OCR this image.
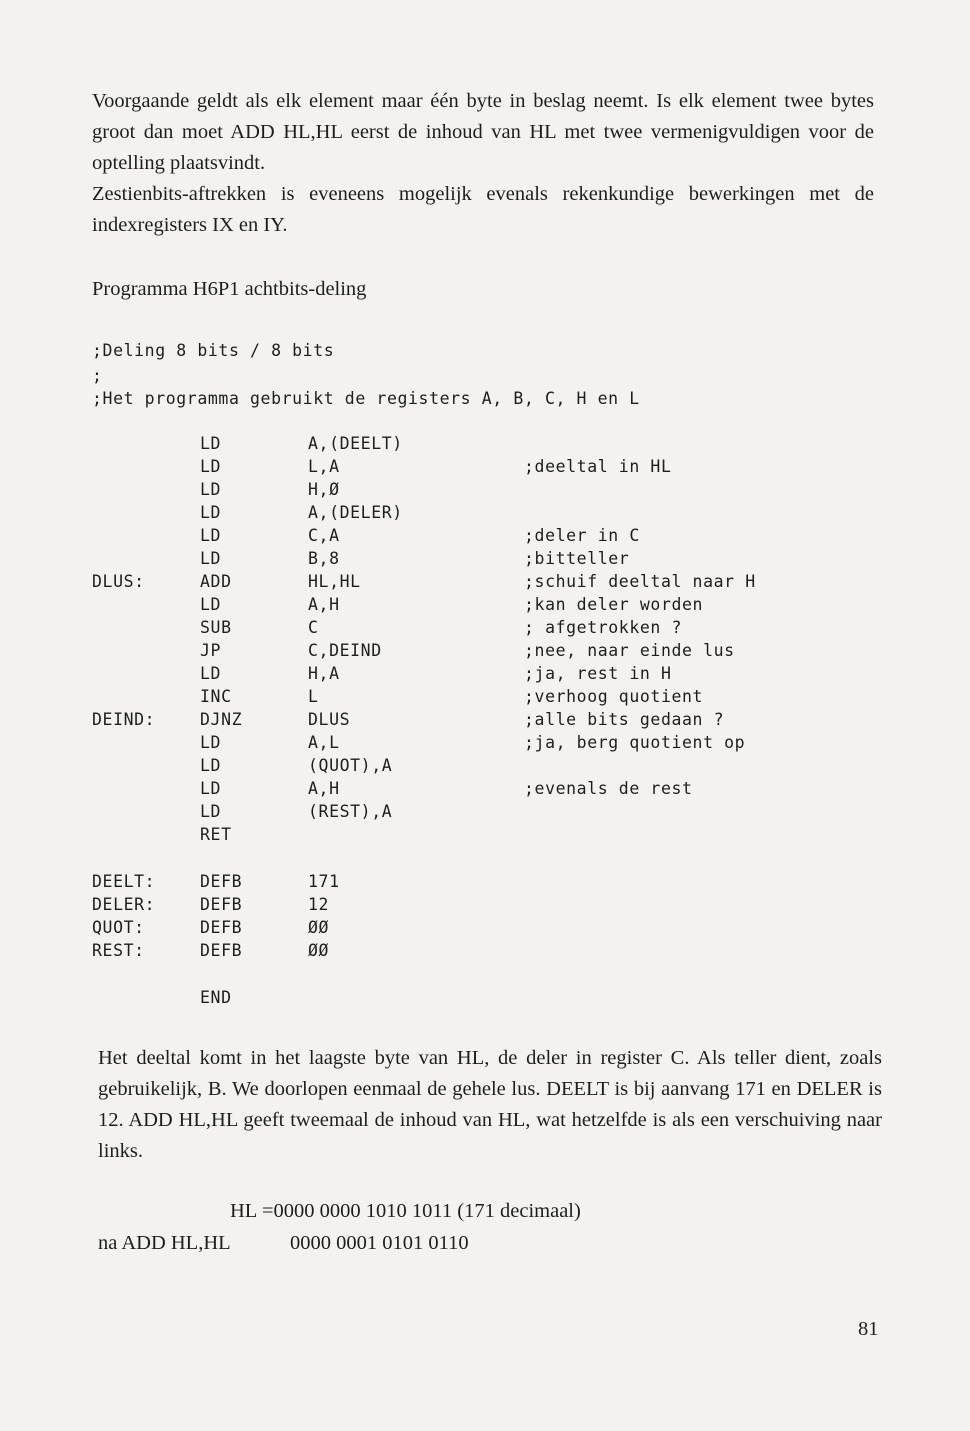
Voorgaande geldt als elk element maar één byte in beslag neemt. Is elk element twee bytes groot dan moet ADD HL,HL eerst de inhoud van HL met twee vermenigvuldigen voor de optelling plaatsvindt.

Zestienbits-aftrekken is eveneens mogelijk evenals rekenkundige bewerkingen met de indexregisters IX en IY.

Programma H6P1 achtbits-deling
;Deling 8 bits / 8 bits
;
;Het programma gebruikt de registers A, B, C, H en L
LD	A,(DEELT)
LD	L,A	;deeltal in HL
LD	H,Ø
LD	A,(DELER)
LD	C,A	;deler in C
LD	B,8	;bitteller
DLUS:	ADD	HL,HL	;schuif deeltal naar H
LD	A,H	;kan deler worden
SUB	C	; afgetrokken ?
JP	C,DEIND	;nee, naar einde lus
LD	H,A	;ja, rest in H
INC	L	;verhoog quotient
DEIND:	DJNZ	DLUS	;alle bits gedaan ?
LD	A,L	;ja, berg quotient op
LD	(QUOT),A
LD	A,H	;evenals de rest
LD	(REST),A
RET
DEELT:	DEFB	171
DELER:	DEFB	12
QUOT:	DEFB	ØØ
REST:	DEFB	ØØ
END
Het deeltal komt in het laagste byte van HL, de deler in register C. Als teller dient, zoals gebruikelijk, B. We doorlopen eenmaal de gehele lus. DEELT is bij aanvang 171 en DELER is 12. ADD HL,HL geeft tweemaal de inhoud van HL, wat hetzelfde is als een verschuiving naar links.
HL =0000 0000 1010 1011 (171 decimaal)
na ADD HL,HL	0000 0001 0101 0110
81
